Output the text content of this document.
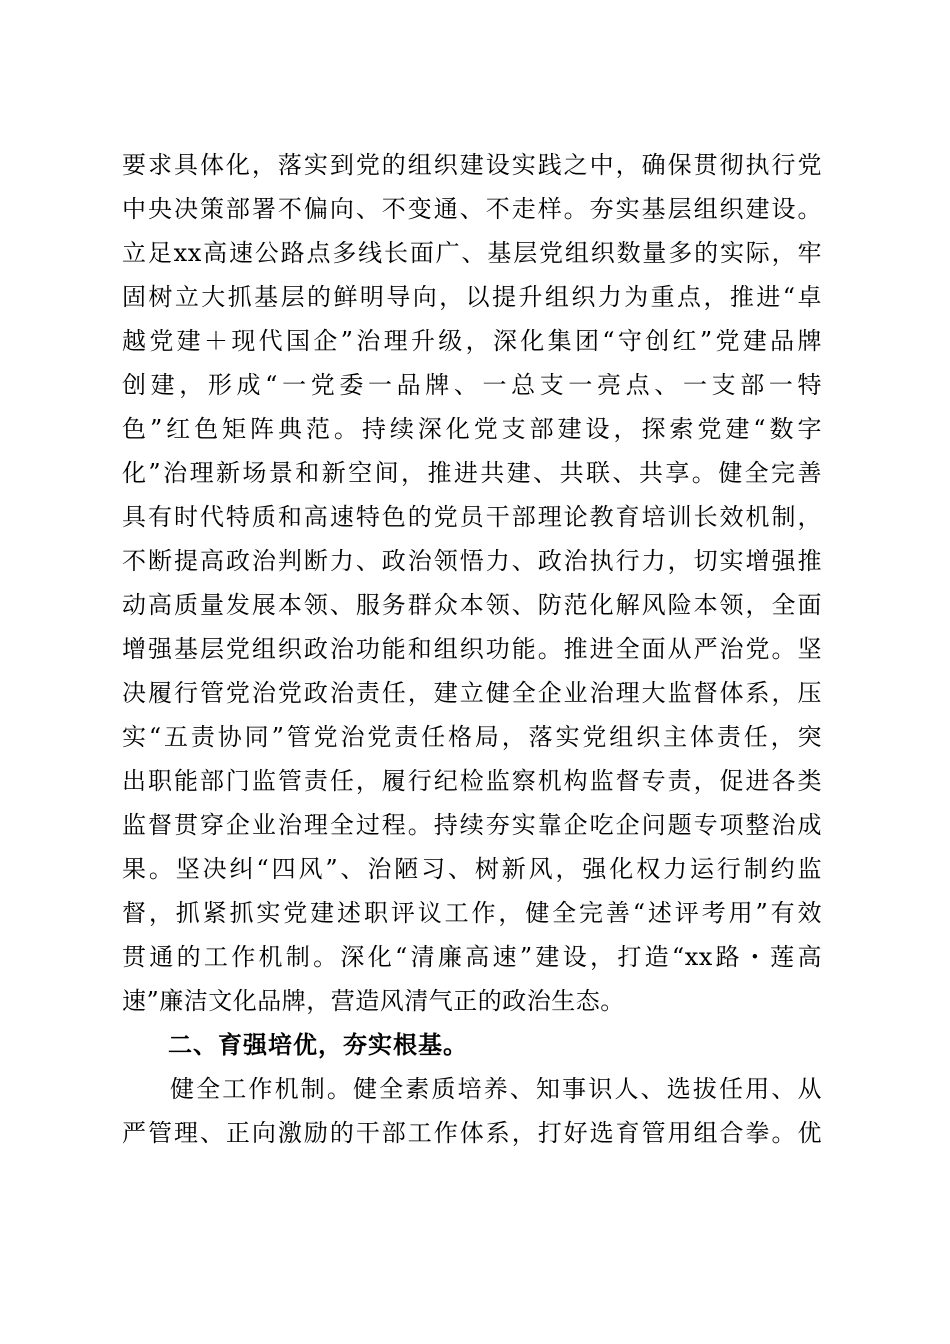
要求具体化，落实到党的组织建设实践之中，确保贯彻执行党
中央决策部署不偏向、不变通、不走样。夯实基层组织建设。
立足xx高速公路点多线长面广、基层党组织数量多的实际，牢
固树立大抓基层的鲜明导向，以提升组织力为重点，推进“卓
越党建＋现代国企”治理升级，深化集团“守创红”党建品牌
创建，形成“一党委一品牌、一总支一亮点、一支部一特
色”红色矩阵典范。持续深化党支部建设，探索党建“数字
化”治理新场景和新空间，推进共建、共联、共享。健全完善
具有时代特质和高速特色的党员干部理论教育培训长效机制，
不断提高政治判断力、政治领悟力、政治执行力，切实增强推
动高质量发展本领、服务群众本领、防范化解风险本领，全面
增强基层党组织政治功能和组织功能。推进全面从严治党。坚
决履行管党治党政治责任，建立健全企业治理大监督体系，压
实“五责协同”管党治党责任格局，落实党组织主体责任，突
出职能部门监管责任，履行纪检监察机构监督专责，促进各类
监督贯穿企业治理全过程。持续夯实靠企吃企问题专项整治成
果。坚决纠“四风”、治陋习、树新风，强化权力运行制约监
督，抓紧抓实党建述职评议工作，健全完善“述评考用”有效
贯通的工作机制。深化“清廉高速”建设，打造“xx路・莲高
速”廉洁文化品牌，营造风清气正的政治生态。
二、育强培优，夯实根基。
健全工作机制。健全素质培养、知事识人、选拔任用、从
严管理、正向激励的干部工作体系，打好选育管用组合拳。优
